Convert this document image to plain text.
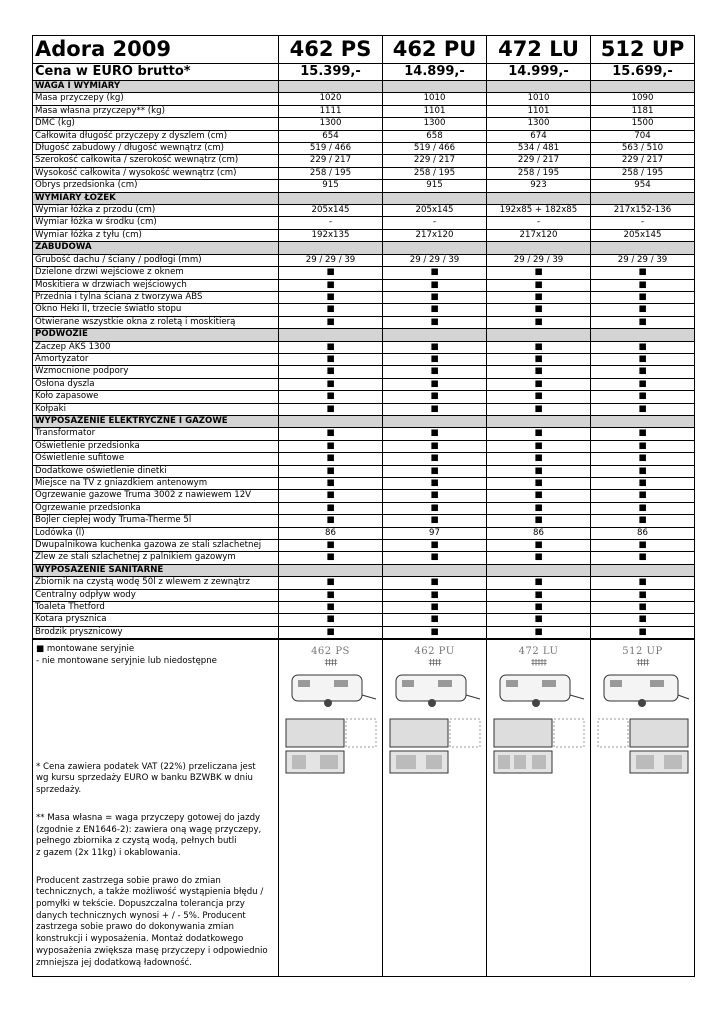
Adora 2009	462 PS	462 PU	472 LU	512 UP
Cena w EURO brutto*	15.399,-	14.899,-	14.999,-	15.699,-
WAGA I WYMIARY				
Masa przyczepy (kg)	1020	1010	1010	1090
Masa własna przyczepy** (kg)	1111	1101	1101	1181
DMC (kg)	1300	1300	1300	1500
Całkowita długość przyczepy z dyszlem (cm)	654	658	674	704
Długość zabudowy / długość wewnątrz (cm)	519 / 466	519 / 466	534 / 481	563 / 510
Szerokość całkowita / szerokość wewnątrz (cm)	229 / 217	229 / 217	229 / 217	229 / 217
Wysokość całkowita / wysokość wewnątrz (cm)	258 / 195	258 / 195	258 / 195	258 / 195
Obrys przedsionka (cm)	915	915	923	954
WYMIARY ŁÓŻEK				
Wymiar łóżka z przodu (cm)	205x145	205x145	192x85 + 182x85	217x152-136
Wymiar łóżka w środku (cm)	-	-	-	-
Wymiar łóżka z tyłu (cm)	192x135	217x120	217x120	205x145
ZABUDOWA				
Grubość dachu / ściany / podłogi (mm)	29 / 29 / 39	29 / 29 / 39	29 / 29 / 39	29 / 29 / 39
Dzielone drzwi wejściowe z oknem	■	■	■	■
Moskitiera w drzwiach wejściowych	■	■	■	■
Przednia i tylna ściana z tworzywa ABS	■	■	■	■
Okno Heki II, trzecie światło stopu	■	■	■	■
Otwierane wszystkie okna z roletą i moskitierą	■	■	■	■
PODWOZIE				
Zaczep AKS 1300	■	■	■	■
Amortyzator	■	■	■	■
Wzmocnione podpory	■	■	■	■
Osłona dyszla	■	■	■	■
Koło zapasowe	■	■	■	■
Kołpaki	■	■	■	■
WYPOSAŻENIE ELEKTRYCZNE I GAZOWE				
Transformator	■	■	■	■
Oświetlenie przedsionka	■	■	■	■
Oświetlenie sufitowe	■	■	■	■
Dodatkowe oświetlenie dinetki	■	■	■	■
Miejsce na TV z gniazdkiem antenowym	■	■	■	■
Ogrzewanie gazowe Truma 3002 z nawiewem 12V	■	■	■	■
Ogrzewanie przedsionka	■	■	■	■
Bojler ciepłej wody Truma-Therme 5l	■	■	■	■
Lodówka (l)	86	97	86	86
Dwupalnikowa kuchenka gazowa ze stali szlachetnej	■	■	■	■
Zlew ze stali szlachetnej z palnikiem gazowym	■	■	■	■
WYPOSAŻENIE SANITARNE				
Zbiornik na czystą wodę 50l z wlewem z zewnątrz	■	■	■	■
Centralny odpływ wody	■	■	■	■
Toaleta Thetford	■	■	■	■
Kotara prysznica	■	■	■	■
Brodzik prysznicowy	■	■	■	■

■ montowane seryjnie

- nie montowane seryjnie lub niedostępne

* Cena zawiera podatek VAT (22%) przeliczana jest
wg kursu sprzedaży EURO w banku BZWBK w dniu
sprzedaży.

** Masa własna = waga przyczepy gotowej do jazdy
(zgodnie z EN1646-2): zawiera oną wagę przyczepy,
pełnego zbiornika z czystą wodą, pełnych butli
z gazem (2x 11kg) i okablowania.

Producent zastrzega sobie prawo do zmian
technicznych, a także możliwość wystąpienia błędu /
pomyłki w tekście. Dopuszczalna tolerancja przy
danych technicznych wynosi + / - 5%. Producent
zastrzega sobie prawo do dokonywania zmian
konstrukcji i wyposażenia. Montaż dodatkowego
wyposażenia zwiększa masę przyczepy i odpowiednio
zmniejsza jej dodatkową ładowność.

462 PS
‡‡‡‡

462 PU
‡‡‡‡

472 LU
‡‡‡‡‡

512 UP
‡‡‡‡
